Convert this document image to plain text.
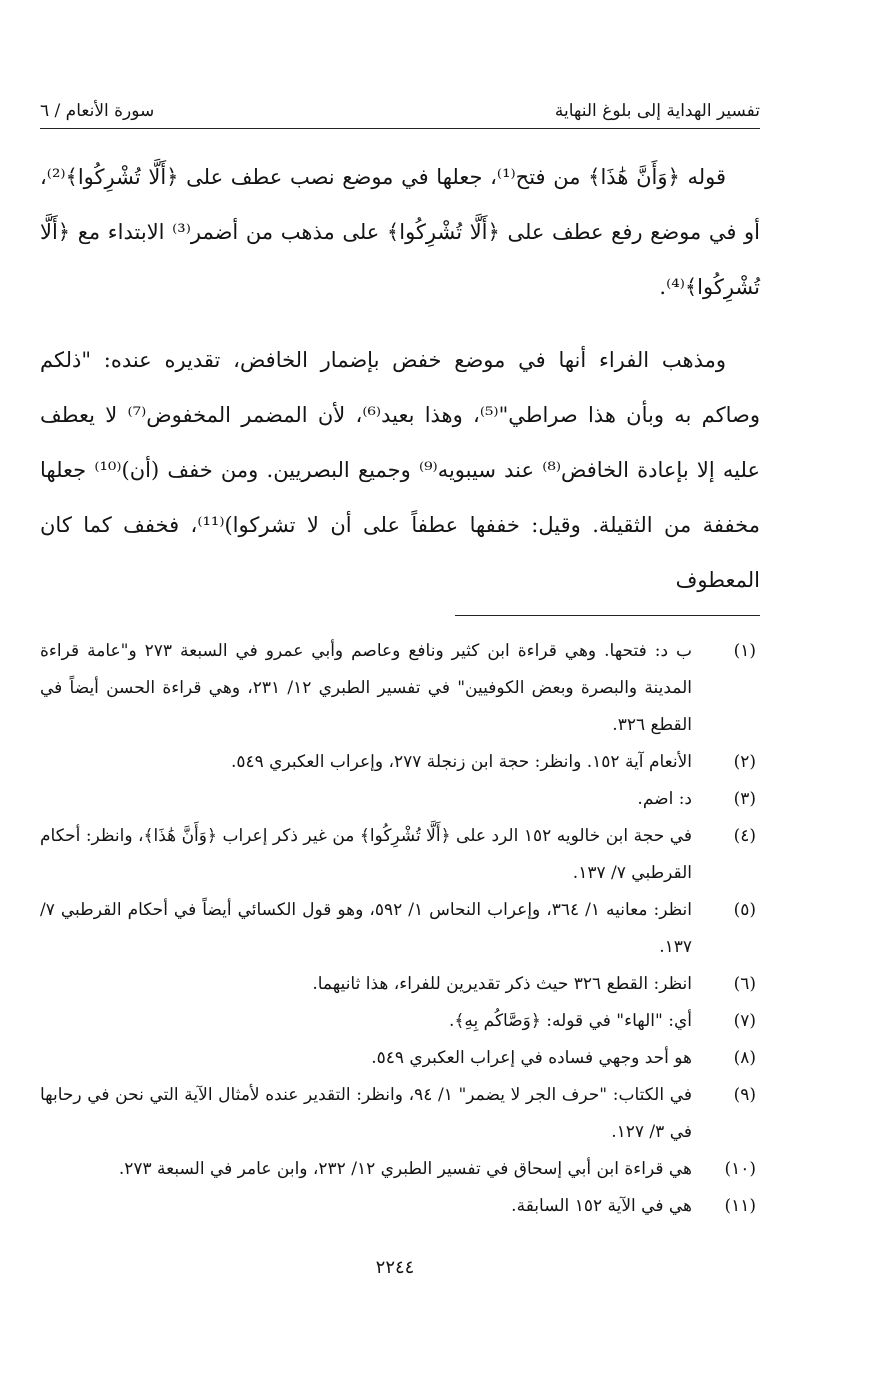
تفسير الهداية إلى بلوغ النهاية
سورة الأنعام / ٦

قوله ﴿وَأَنَّ هَٰذَا﴾ من فتح⁽¹⁾، جعلها في موضع نصب عطف على ﴿أَلَّا تُشْرِكُوا﴾⁽²⁾، أو في موضع رفع عطف على ﴿أَلَّا تُشْرِكُوا﴾ على مذهب من أضمر⁽³⁾ الابتداء مع ﴿أَلَّا تُشْرِكُوا﴾⁽⁴⁾.

ومذهب الفراء أنها في موضع خفض بإضمار الخافض، تقديره عنده: "ذلكم وصاكم به وبأن هذا صراطي"⁽⁵⁾، وهذا بعيد⁽⁶⁾، لأن المضمر المخفوض⁽⁷⁾ لا يعطف عليه إلا بإعادة الخافض⁽⁸⁾ عند سيبويه⁽⁹⁾ وجميع البصريين. ومن خفف (أن)⁽¹⁰⁾ جعلها مخففة من الثقيلة. وقيل: خففها عطفاً على أن لا تشركوا)⁽¹¹⁾، فخفف كما كان المعطوف

(١)
ب د: فتحها. وهي قراءة ابن كثير ونافع وعاصم وأبي عمرو في السبعة ٢٧٣ و"عامة قراءة المدينة والبصرة وبعض الكوفيين" في تفسير الطبري ١٢/ ٢٣١، وهي قراءة الحسن أيضاً في القطع ٣٢٦.
(٢)
الأنعام آية ١٥٢. وانظر: حجة ابن زنجلة ٢٧٧، وإعراب العكبري ٥٤٩.
(٣)
د: اضم.
(٤)
في حجة ابن خالويه ١٥٢ الرد على ﴿أَلَّا تُشْرِكُوا﴾ من غير ذكر إعراب ﴿وَأَنَّ هَٰذَا﴾، وانظر: أحكام القرطبي ٧/ ١٣٧.
(٥)
انظر: معانيه ١/ ٣٦٤، وإعراب النحاس ١/ ٥٩٢، وهو قول الكسائي أيضاً في أحكام القرطبي ٧/ ١٣٧.
(٦)
انظر: القطع ٣٢٦ حيث ذكر تقديرين للفراء، هذا ثانيهما.
(٧)
أي: "الهاء" في قوله: ﴿وَصَّاكُم بِهِ﴾.
(٨)
هو أحد وجهي فساده في إعراب العكبري ٥٤٩.
(٩)
في الكتاب: "حرف الجر لا يضمر" ١/ ٩٤، وانظر: التقدير عنده لأمثال الآية التي نحن في رحابها في ٣/ ١٢٧.
(١٠)
هي قراءة ابن أبي إسحاق في تفسير الطبري ١٢/ ٢٣٢، وابن عامر في السبعة ٢٧٣.
(١١)
هي في الآية ١٥٢ السابقة.
٢٢٤٤
